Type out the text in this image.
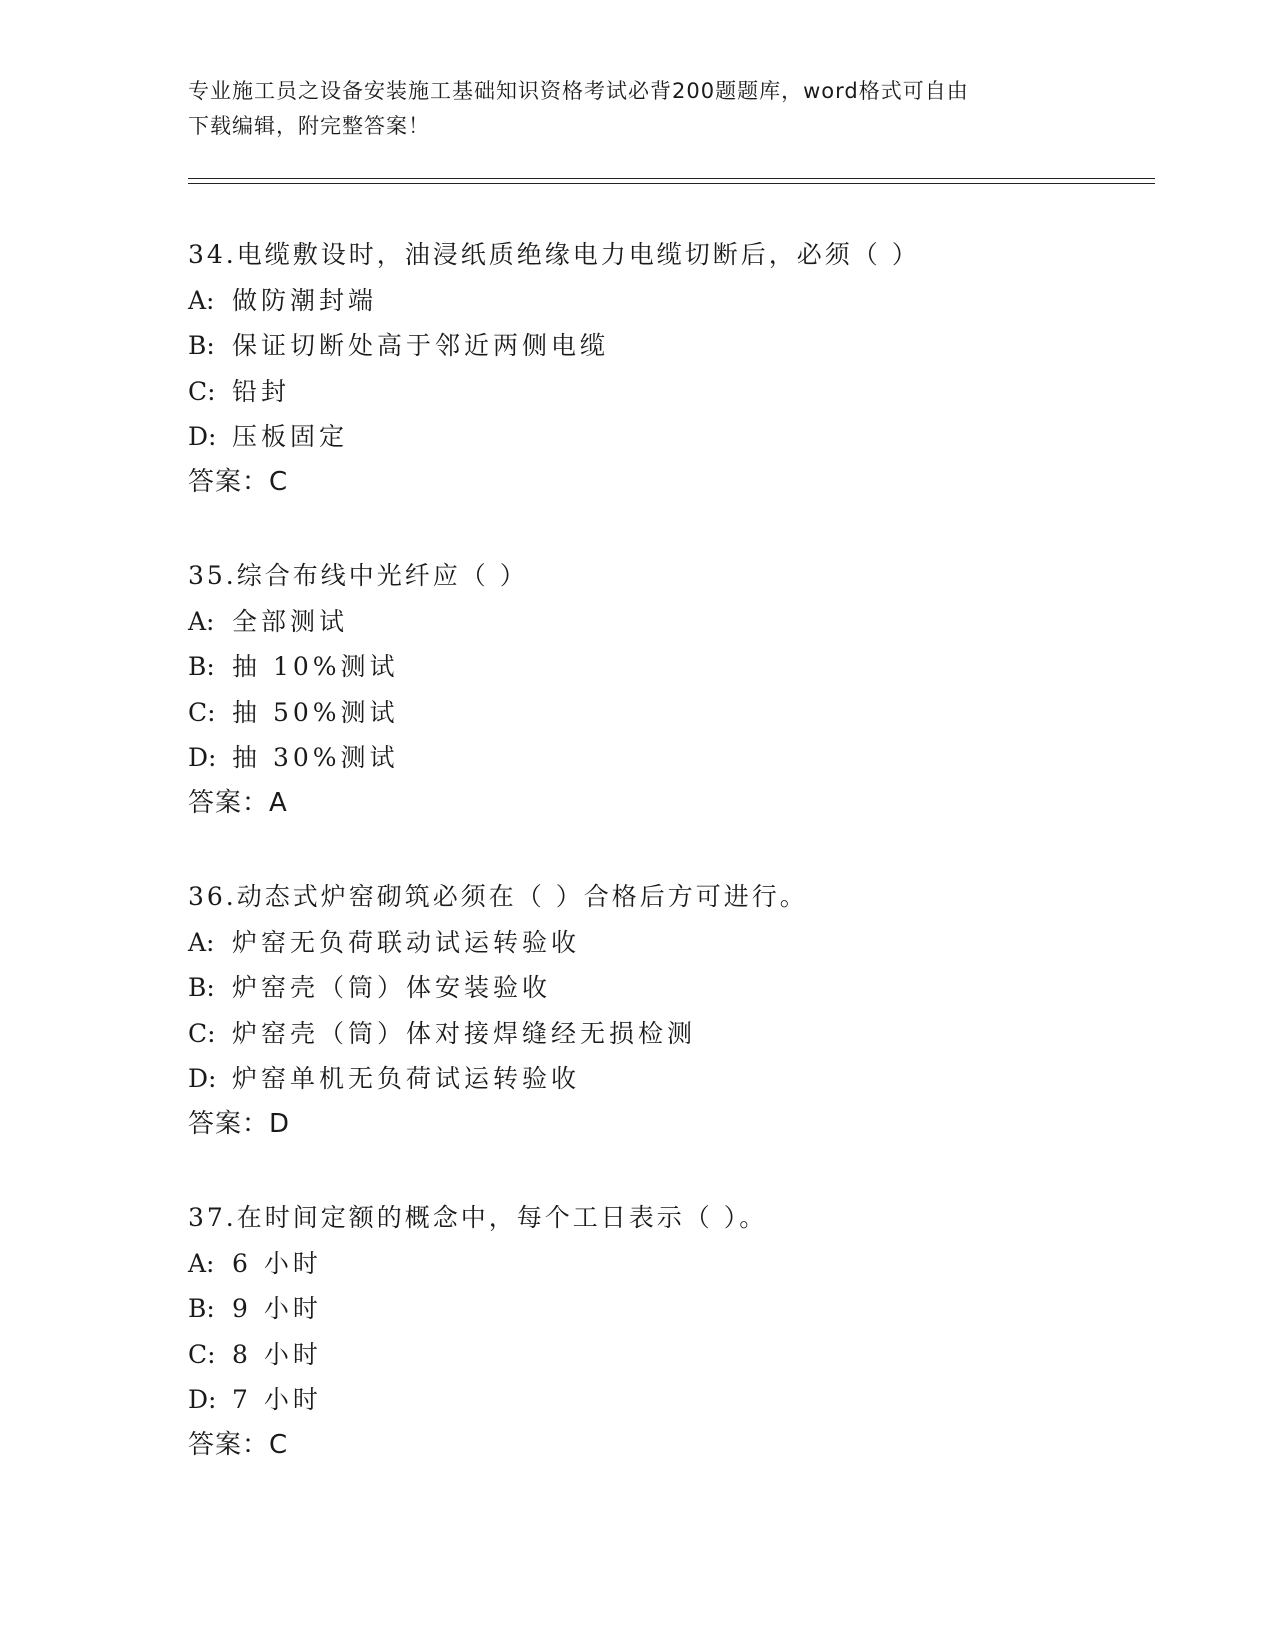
专业施工员之设备安装施工基础知识资格考试必背200题题库，word格式可自由
下载编辑，附完整答案！
34.电缆敷设时，油浸纸质绝缘电力电缆切断后，必须（ ）
A: 做防潮封端
B: 保证切断处高于邻近两侧电缆
C: 铅封
D: 压板固定
答案：C
35.综合布线中光纤应（ ）
A: 全部测试
B: 抽 10%测试
C: 抽 50%测试
D: 抽 30%测试
答案：A
36.动态式炉窑砌筑必须在（ ）合格后方可进行。
A: 炉窑无负荷联动试运转验收
B: 炉窑壳（筒）体安装验收
C: 炉窑壳（筒）体对接焊缝经无损检测
D: 炉窑单机无负荷试运转验收
答案：D
37.在时间定额的概念中，每个工日表示（ ）。
A: 6 小时
B: 9 小时
C: 8 小时
D: 7 小时
答案：C
